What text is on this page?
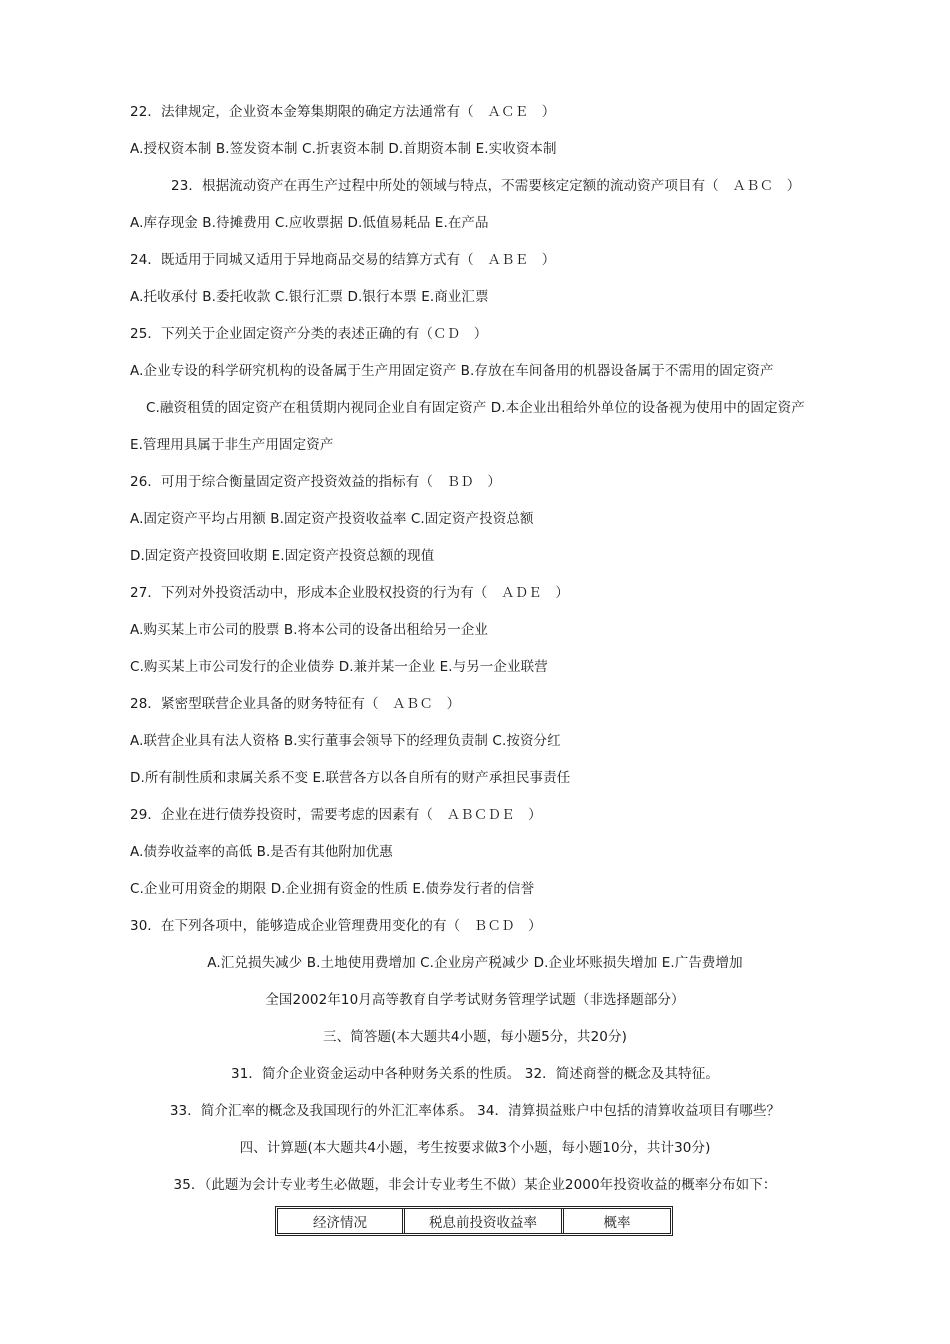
22．法律规定，企业资本金筹集期限的确定方法通常有（　ＡＣＥ　）
A.授权资本制 B.签发资本制 C.折衷资本制 D.首期资本制 E.实收资本制
23．根据流动资产在再生产过程中所处的领域与特点，不需要核定定额的流动资产项目有（　ＡＢＣ　）
A.库存现金 B.待摊费用 C.应收票据 D.低值易耗品 E.在产品
24．既适用于同城又适用于异地商品交易的结算方式有（　ＡＢＥ　）
A.托收承付 B.委托收款 C.银行汇票 D.银行本票 E.商业汇票
25．下列关于企业固定资产分类的表述正确的有（ＣＤ　）
A.企业专设的科学研究机构的设备属于生产用固定资产 B.存放在车间备用的机器设备属于不需用的固定资产
C.融资租赁的固定资产在租赁期内视同企业自有固定资产 D.本企业出租给外单位的设备视为使用中的固定资产
E.管理用具属于非生产用固定资产
26．可用于综合衡量固定资产投资效益的指标有（　ＢＤ　）
A.固定资产平均占用额 B.固定资产投资收益率 C.固定资产投资总额
D.固定资产投资回收期 E.固定资产投资总额的现值
27．下列对外投资活动中，形成本企业股权投资的行为有（　ＡＤＥ　）
A.购买某上市公司的股票 B.将本公司的设备出租给另一企业
C.购买某上市公司发行的企业债券 D.兼并某一企业 E.与另一企业联营
28．紧密型联营企业具备的财务特征有（　ＡＢＣ　）
A.联营企业具有法人资格 B.实行董事会领导下的经理负责制 C.按资分红
D.所有制性质和隶属关系不变 E.联营各方以各自所有的财产承担民事责任
29．企业在进行债券投资时，需要考虑的因素有（　ＡＢＣＤＥ　）
A.债券收益率的高低 B.是否有其他附加优惠
C.企业可用资金的期限 D.企业拥有资金的性质 E.债券发行者的信誉
30．在下列各项中，能够造成企业管理费用变化的有（　ＢＣＤ　）
A.汇兑损失减少 B.土地使用费增加 C.企业房产税减少 D.企业坏账损失增加 E.广告费增加
全国2002年10月高等教育自学考试财务管理学试题（非选择题部分）
三、简答题(本大题共4小题，每小题5分，共20分)
31．简介企业资金运动中各种财务关系的性质。 32．简述商誉的概念及其特征。
33．简介汇率的概念及我国现行的外汇汇率体系。 34．清算损益账户中包括的清算收益项目有哪些？
四、计算题(本大题共4小题，考生按要求做3个小题，每小题10分，共计30分)
35．（此题为会计专业考生必做题，非会计专业考生不做）某企业2000年投资收益的概率分布如下：
经济情况	税息前投资收益率	概率
